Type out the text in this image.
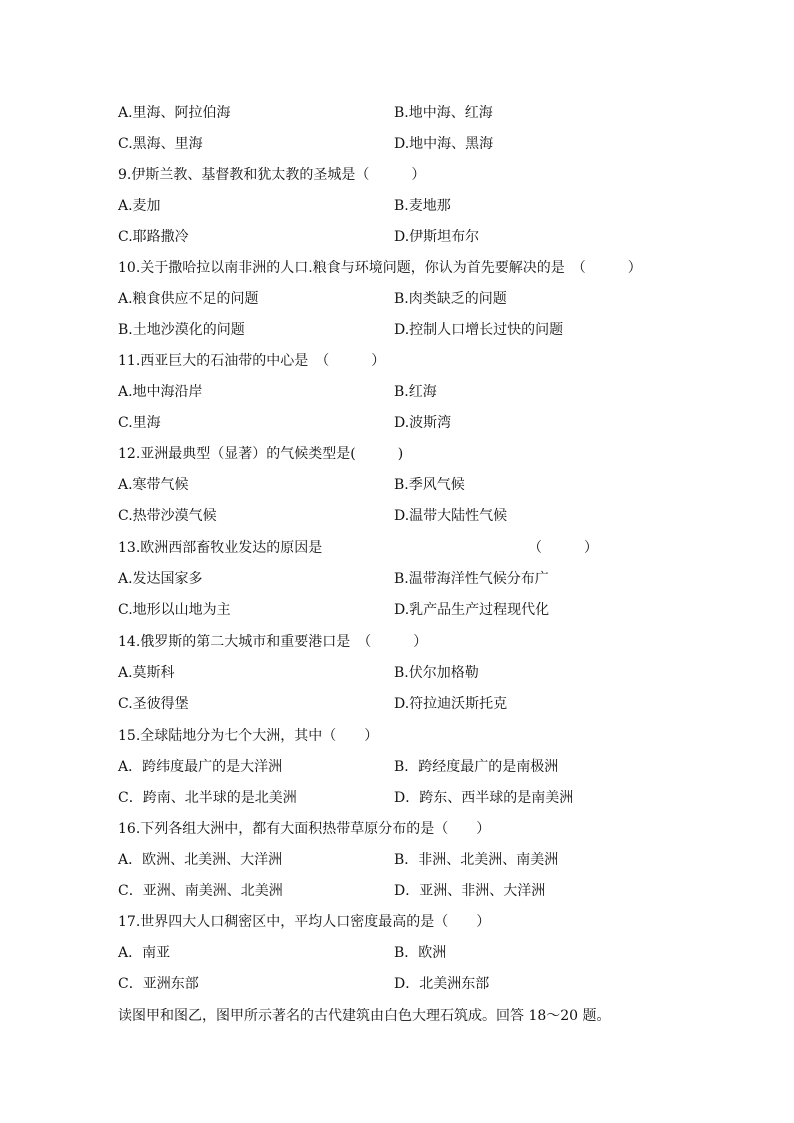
A.里海、阿拉伯海	B.地中海、红海
C.黑海、里海	D.地中海、黑海
9.伊斯兰教、基督教和犹太教的圣城是（　　　）
A.麦加	B.麦地那
C.耶路撒冷	D.伊斯坦布尔
10.关于撒哈拉以南非洲的人口.粮食与环境问题，你认为首先要解决的是　（　　　）
A.粮食供应不足的问题	B.肉类缺乏的问题
B.土地沙漠化的问题	D.控制人口增长过快的问题
11.西亚巨大的石油带的中心是　（　　　）
A.地中海沿岸	B.红海
C.里海	D.波斯湾
12.亚洲最典型（显著）的气候类型是(　　　)
A.寒带气候	B.季风气候
C.热带沙漠气候	D.温带大陆性气候
13.欧洲西部畜牧业发达的原因是	（　　　）
A.发达国家多	B.温带海洋性气候分布广
C.地形以山地为主	D.乳产品生产过程现代化
14.俄罗斯的第二大城市和重要港口是　（　　　）
A.莫斯科	B.伏尔加格勒
C.圣彼得堡	D.符拉迪沃斯托克
15.全球陆地分为七个大洲，其中（　　）
A．跨纬度最广的是大洋洲	B．跨经度最广的是南极洲
C．跨南、北半球的是北美洲	D．跨东、西半球的是南美洲
16.下列各组大洲中，都有大面积热带草原分布的是（　　）
A．欧洲、北美洲、大洋洲	B．非洲、北美洲、南美洲
C．亚洲、南美洲、北美洲	D．亚洲、非洲、大洋洲
17.世界四大人口稠密区中，平均人口密度最高的是（　　）
A．南亚	B．欧洲
C．亚洲东部	D．北美洲东部
读图甲和图乙，图甲所示著名的古代建筑由白色大理石筑成。回答 18～20 题。
